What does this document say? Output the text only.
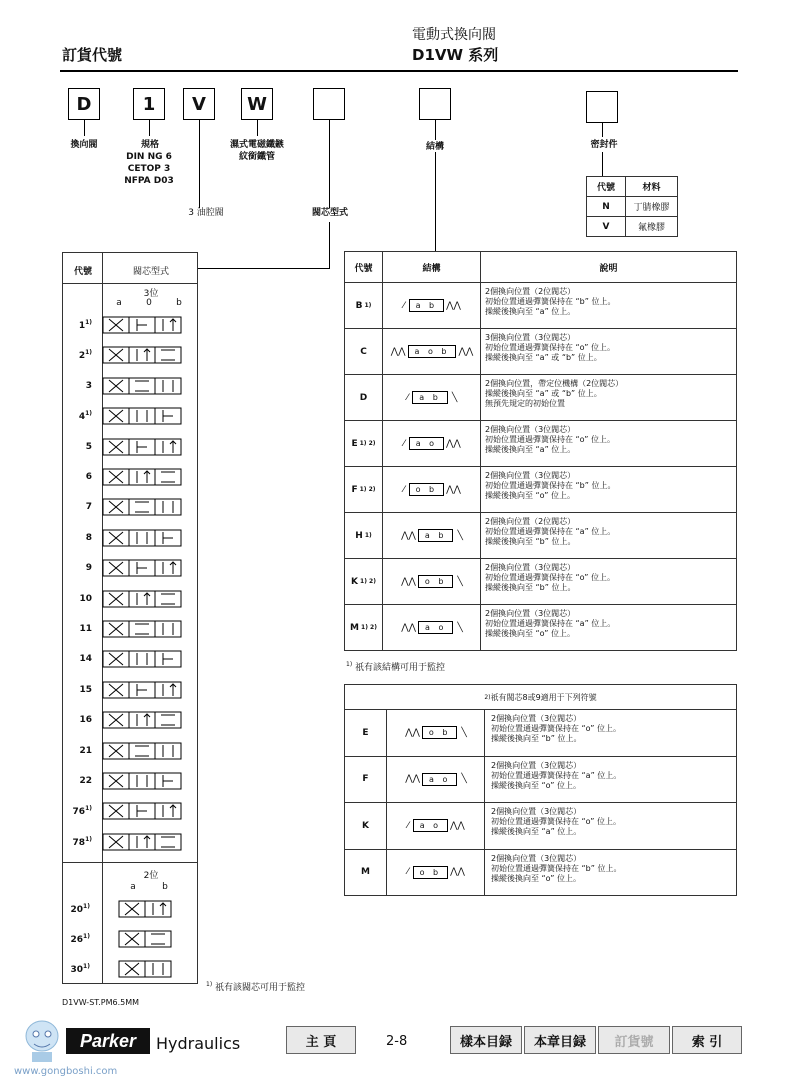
訂貨代號
電動式換向閥
D1VW 系列
D	1	V	W
換向閥	規格
DIN NG 6
CETOP 3
NFPA D03
3 油腔閥
濕式電磁鐵鏃
紋銜鐵管
閥芯型式
結構	密封件
代號	材料
N	丁腈橡膠
V	氟橡膠
代號	閥芯型式
3位
a	0	b
1$^{1)}$
2$^{1)}$
3
4$^{1)}$
5
6
7
8
9
10
11
14
15
16
21
22
76$^{1)}$
78$^{1)}$
2位
a	b
20$^{1)}$
26$^{1)}$
30$^{1)}$
$^{1)}$ 祇有該閥芯可用于監控
代號	結構	說明
B 1)	⁄	a b	⋀⋀
2個換向位置（2位閥芯）
初始位置通過彈簧保持在 “b” 位上。
操縱後換向至 “a” 位上。
C	⋀⋀	a o b	⋀⋀
3個換向位置（3位閥芯）
初始位置通過彈簧保持在 “o” 位上。
操縱後換向至 “a” 或 “b” 位上。
D	⁄	a b	╲
2個換向位置，帶定位機構（2位閥芯）
操縱後換向至 “a” 或 “b” 位上。
無預先規定的初始位置
E 1) 2)	⁄	a o	⋀⋀
2個換向位置（3位閥芯）
初始位置通過彈簧保持在 “o” 位上。
操縱後換向至 “a” 位上。
F 1) 2)	⁄	o b	⋀⋀
2個換向位置（3位閥芯）
初始位置通過彈簧保持在 “b” 位上。
操縱後換向至 “o” 位上。
H 1)	⋀⋀	a b	╲
2個換向位置（2位閥芯）
初始位置通過彈簧保持在 “a” 位上。
操縱後換向至 “b” 位上。
K 1) 2)	⋀⋀	o b	╲
2個換向位置（3位閥芯）
初始位置通過彈簧保持在 “o” 位上。
操縱後換向至 “b” 位上。
M 1) 2)	⋀⋀	a o	╲
2個換向位置（3位閥芯）
初始位置通過彈簧保持在 “a” 位上。
操縱後換向至 “o” 位上。
$^{1)}$ 祇有該結構可用于監控
2) 祇有閥芯8或9適用于下列符號
E	⋀⋀	o b	╲
2個換向位置（3位閥芯）
初始位置通過彈簧保持在 “o” 位上。
操縱後換向至 “b” 位上。
F	⋀⋀	a o	╲
2個換向位置（3位閥芯）
初始位置通過彈簧保持在 “a” 位上。
操縱後換向至 “o” 位上。
K	⁄	a o	⋀⋀
2個換向位置（3位閥芯）
初始位置通過彈簧保持在 “o” 位上。
操縱後換向至 “a” 位上。
M	⁄	o b	⋀⋀
2個換向位置（3位閥芯）
初始位置通過彈簧保持在 “b” 位上。
操縱後換向至 “o” 位上。
D1VW-ST.PM6.5MM
Parker	Hydraulics
www.gongboshi.com
主 頁	2-8	樣本目録	本章目録	訂貨號	索 引
